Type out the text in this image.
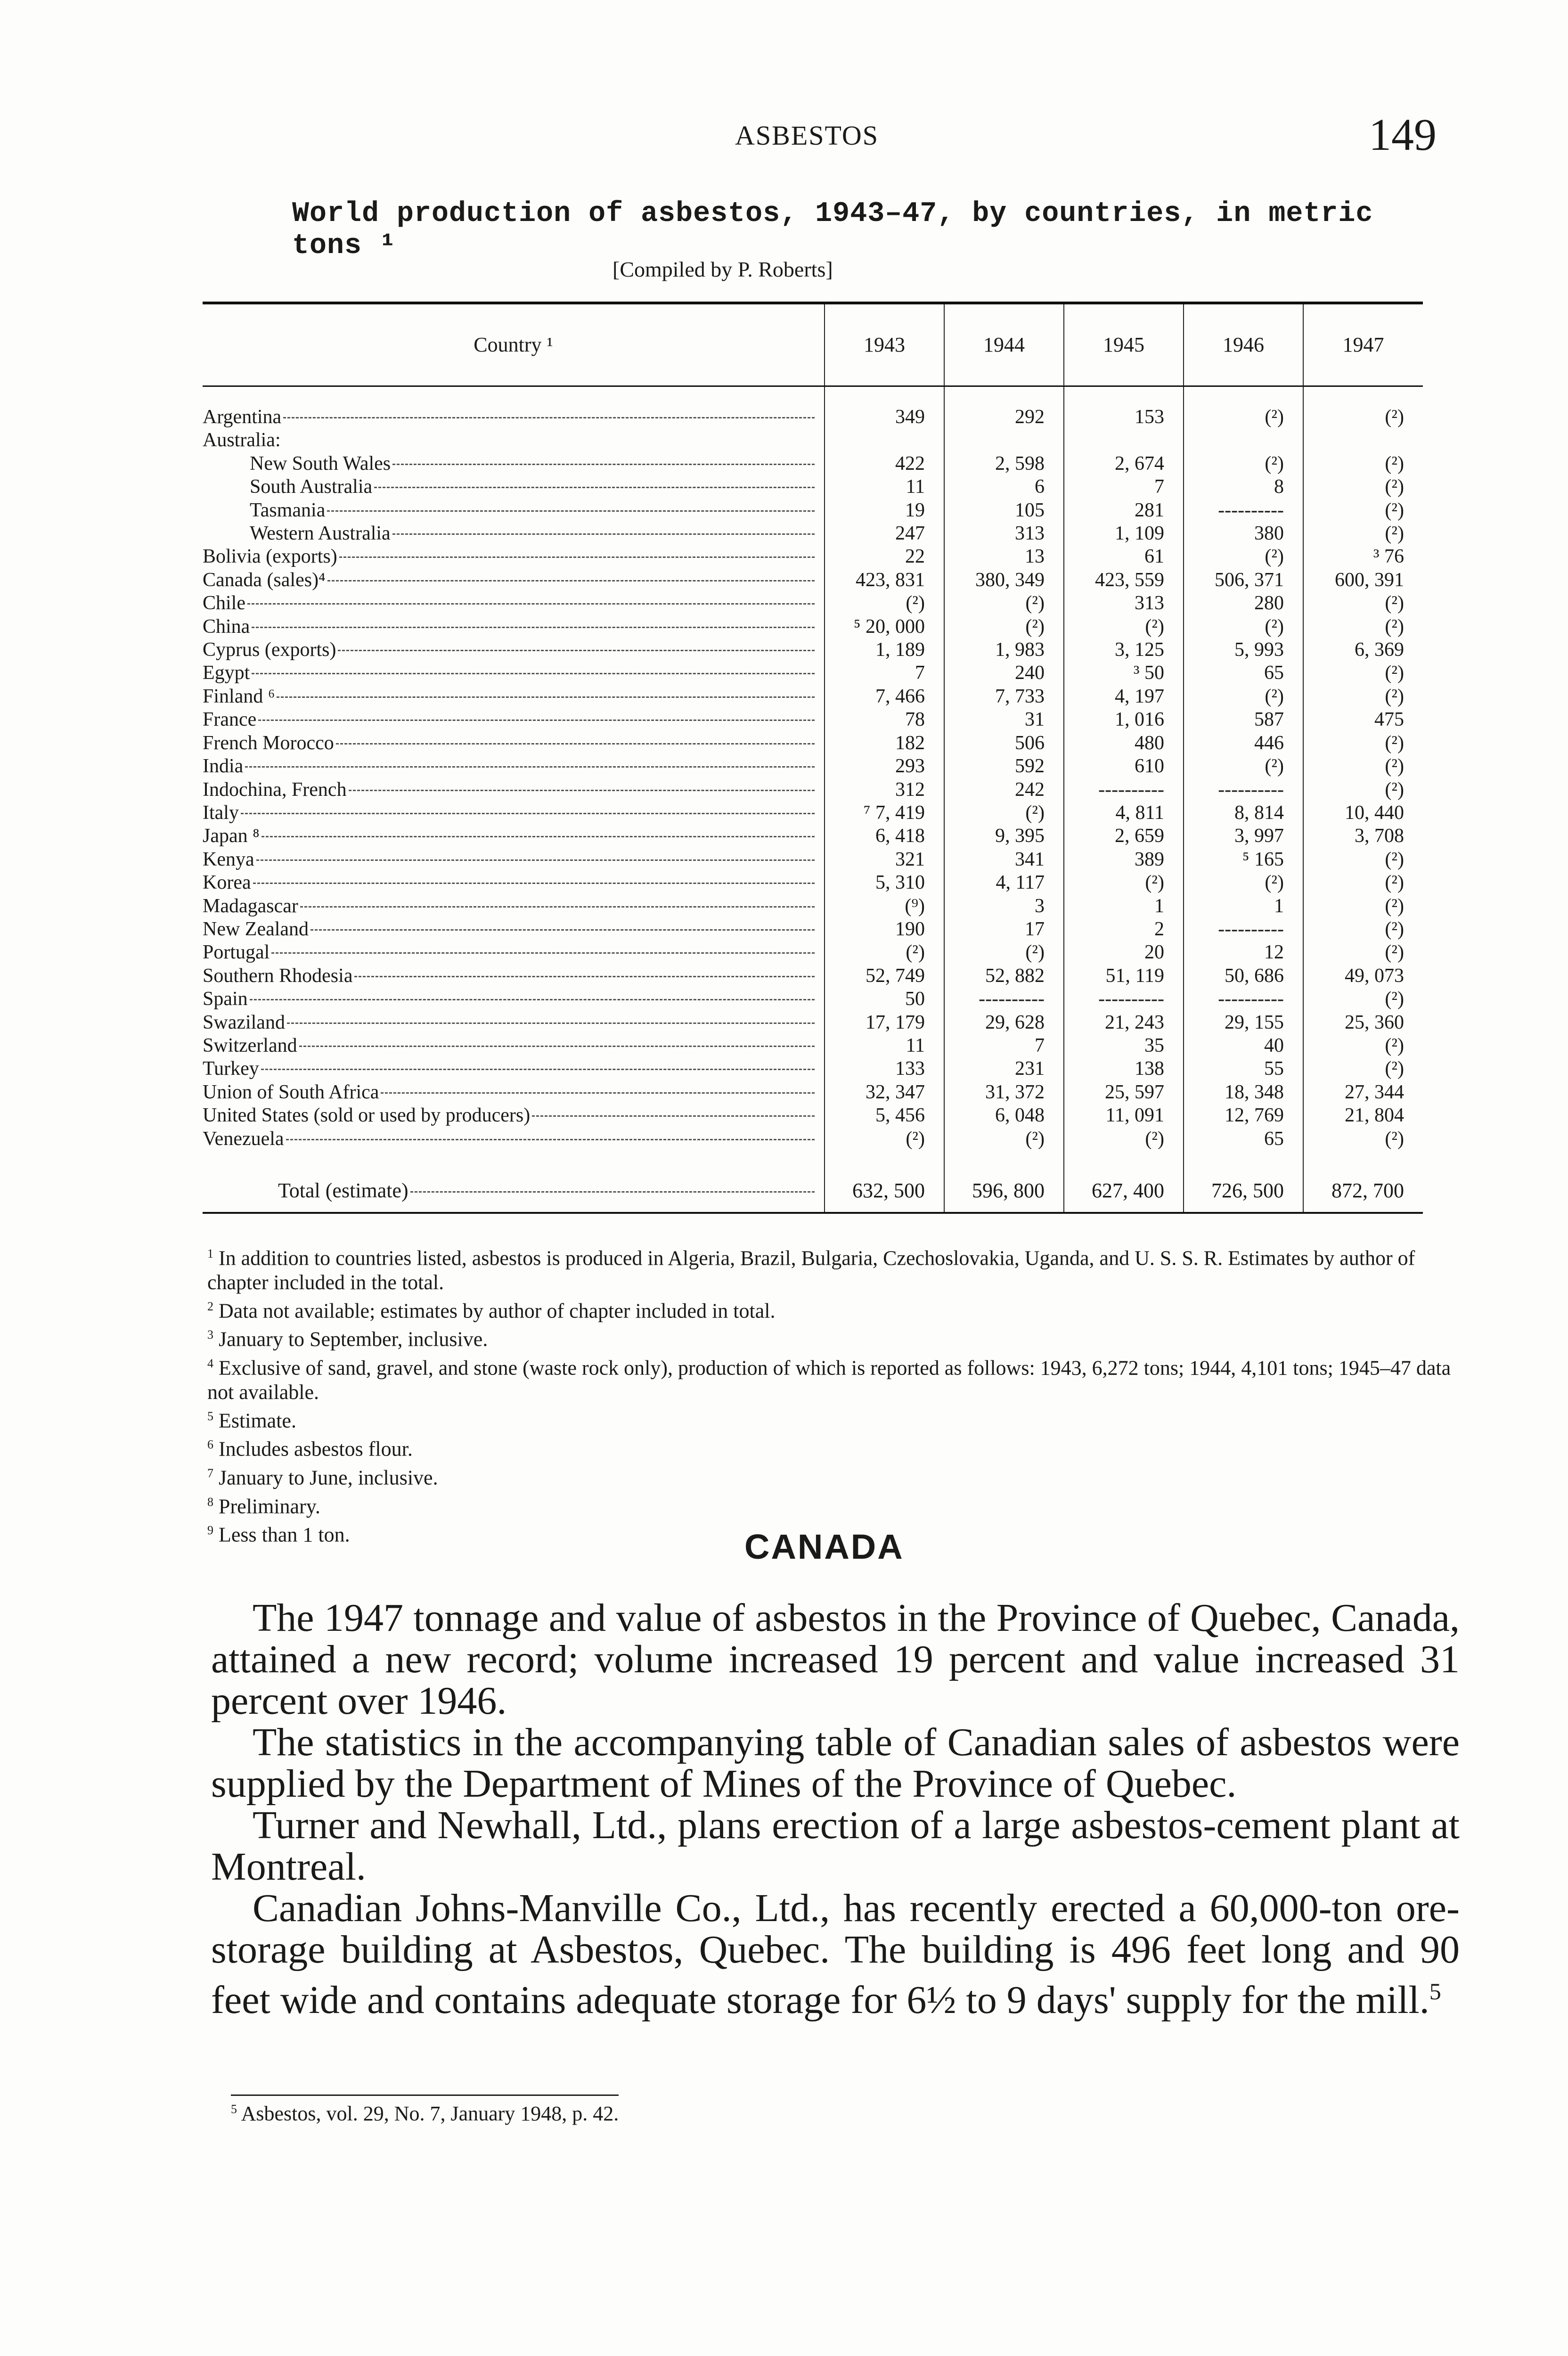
ASBESTOS	149
World production of asbestos, 1943–47, by countries, in metric tons ¹
[Compiled by P. Roberts]
Country ¹	1943	1944	1945	1946	1947

Argentina	349	292	153	(²)	(²)

Australia:					

New South Wales	422	2, 598	2, 674	(²)	(²)

South Australia	11	6	7	8	(²)

Tasmania	19	105	281	----------	(²)

Western Australia	247	313	1, 109	380	(²)

Bolivia (exports)	22	13	61	(²)	³ 76

Canada (sales)⁴	423, 831	380, 349	423, 559	506, 371	600, 391

Chile	(²)	(²)	313	280	(²)

China	⁵ 20, 000	(²)	(²)	(²)	(²)

Cyprus (exports)	1, 189	1, 983	3, 125	5, 993	6, 369

Egypt	7	240	³ 50	65	(²)

Finland ⁶	7, 466	7, 733	4, 197	(²)	(²)

France	78	31	1, 016	587	475

French Morocco	182	506	480	446	(²)

India	293	592	610	(²)	(²)

Indochina, French	312	242	----------	----------	(²)

Italy	⁷ 7, 419	(²)	4, 811	8, 814	10, 440

Japan ⁸	6, 418	9, 395	2, 659	3, 997	3, 708

Kenya	321	341	389	⁵ 165	(²)

Korea	5, 310	4, 117	(²)	(²)	(²)

Madagascar	(⁹)	3	1	1	(²)

New Zealand	190	17	2	----------	(²)

Portugal	(²)	(²)	20	12	(²)

Southern Rhodesia	52, 749	52, 882	51, 119	50, 686	49, 073

Spain	50	----------	----------	----------	(²)

Swaziland	17, 179	29, 628	21, 243	29, 155	25, 360

Switzerland	11	7	35	40	(²)

Turkey	133	231	138	55	(²)

Union of South Africa	32, 347	31, 372	25, 597	18, 348	27, 344

United States (sold or used by producers)	5, 456	6, 048	11, 091	12, 769	21, 804

Venezuela	(²)	(²)	(²)	65	(²)

Total (estimate)	632, 500	596, 800	627, 400	726, 500	872, 700
$^1$ In addition to countries listed, asbestos is produced in Algeria, Brazil, Bulgaria, Czechoslovakia, Uganda, and U. S. S. R. Estimates by author of chapter included in the total.
$^2$ Data not available; estimates by author of chapter included in total.
$^3$ January to September, inclusive.
$^4$ Exclusive of sand, gravel, and stone (waste rock only), production of which is reported as follows: 1943, 6,272 tons; 1944, 4,101 tons; 1945–47 data not available.
$^5$ Estimate.
$^6$ Includes asbestos flour.
$^7$ January to June, inclusive.
$^8$ Preliminary.
$^9$ Less than 1 ton.	CANADA

The 1947 tonnage and value of asbestos in the Province of Quebec, Canada, attained a new record; volume increased 19 percent and value increased 31 percent over 1946.

The statistics in the accompanying table of Canadian sales of asbestos were supplied by the Department of Mines of the Province of Quebec.

Turner and Newhall, Ltd., plans erection of a large asbestos-cement plant at Montreal.

Canadian Johns-Manville Co., Ltd., has recently erected a 60,000-ton ore-storage building at Asbestos, Quebec. The building is 496 feet long and 90 feet wide and contains adequate storage for 6½ to 9 days' supply for the mill.$^5$

$^5$ Asbestos, vol. 29, No. 7, January 1948, p. 42.
